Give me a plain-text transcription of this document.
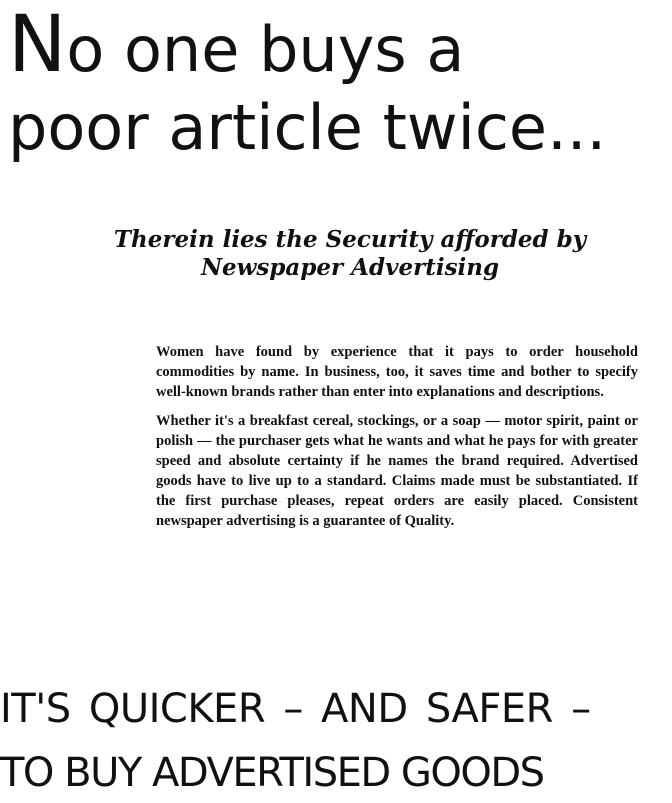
No one buys a
poor article twice...
Therein lies the Security afforded by
Newspaper Advertising

Women have found by experience that it pays to order household commodities by name. In business, too, it saves time and bother to specify well-known brands rather than enter into explanations and descriptions.

Whether it's a breakfast cereal, stockings, or a soap — motor spirit, paint or polish — the purchaser gets what he wants and what he pays for with greater speed and absolute certainty if he names the brand required. Advertised goods have to live up to a standard. Claims made must be substantiated. If the first purchase pleases, repeat orders are easily placed. Consistent newspaper advertising is a guarantee of Quality.

IT'S QUICKER – AND SAFER –
TO BUY ADVERTISED GOODS
